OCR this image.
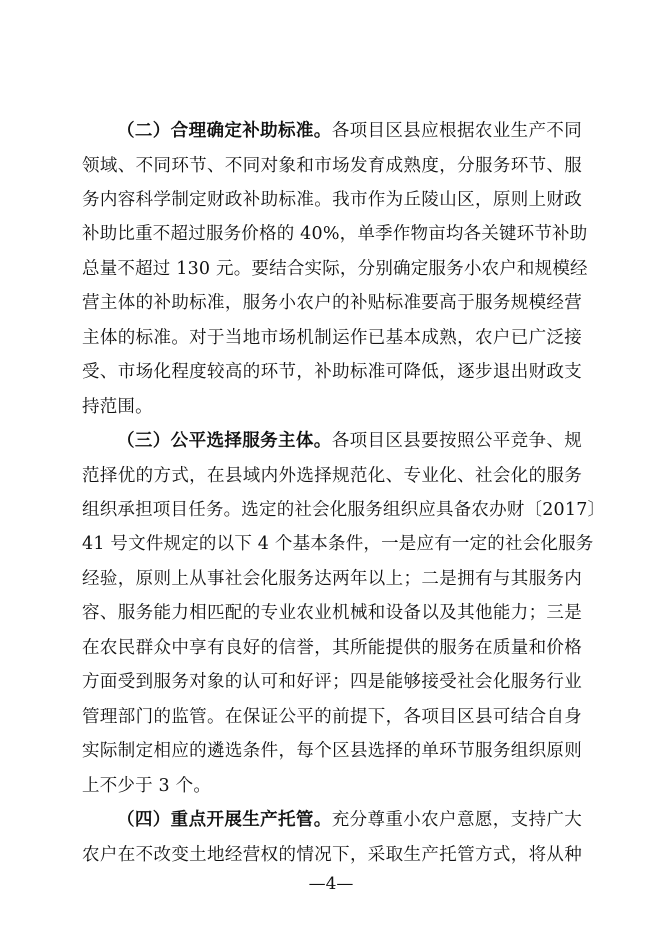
（二）合理确定补助标准。各项目区县应根据农业生产不同
领域、不同环节、不同对象和市场发育成熟度，分服务环节、服
务内容科学制定财政补助标准。我市作为丘陵山区，原则上财政
补助比重不超过服务价格的 40%，单季作物亩均各关键环节补助
总量不超过 130 元。要结合实际，分别确定服务小农户和规模经
营主体的补助标准，服务小农户的补贴标准要高于服务规模经营
主体的标准。对于当地市场机制运作已基本成熟，农户已广泛接
受、市场化程度较高的环节，补助标准可降低，逐步退出财政支
持范围。
（三）公平选择服务主体。各项目区县要按照公平竞争、规
范择优的方式，在县域内外选择规范化、专业化、社会化的服务
组织承担项目任务。选定的社会化服务组织应具备农办财〔2017〕
41 号文件规定的以下 4 个基本条件，一是应有一定的社会化服务
经验，原则上从事社会化服务达两年以上；二是拥有与其服务内
容、服务能力相匹配的专业农业机械和设备以及其他能力；三是
在农民群众中享有良好的信誉，其所能提供的服务在质量和价格
方面受到服务对象的认可和好评；四是能够接受社会化服务行业
管理部门的监管。在保证公平的前提下，各项目区县可结合自身
实际制定相应的遴选条件，每个区县选择的单环节服务组织原则
上不少于 3 个。
（四）重点开展生产托管。充分尊重小农户意愿，支持广大
农户在不改变土地经营权的情况下，采取生产托管方式，将从种
—4—
